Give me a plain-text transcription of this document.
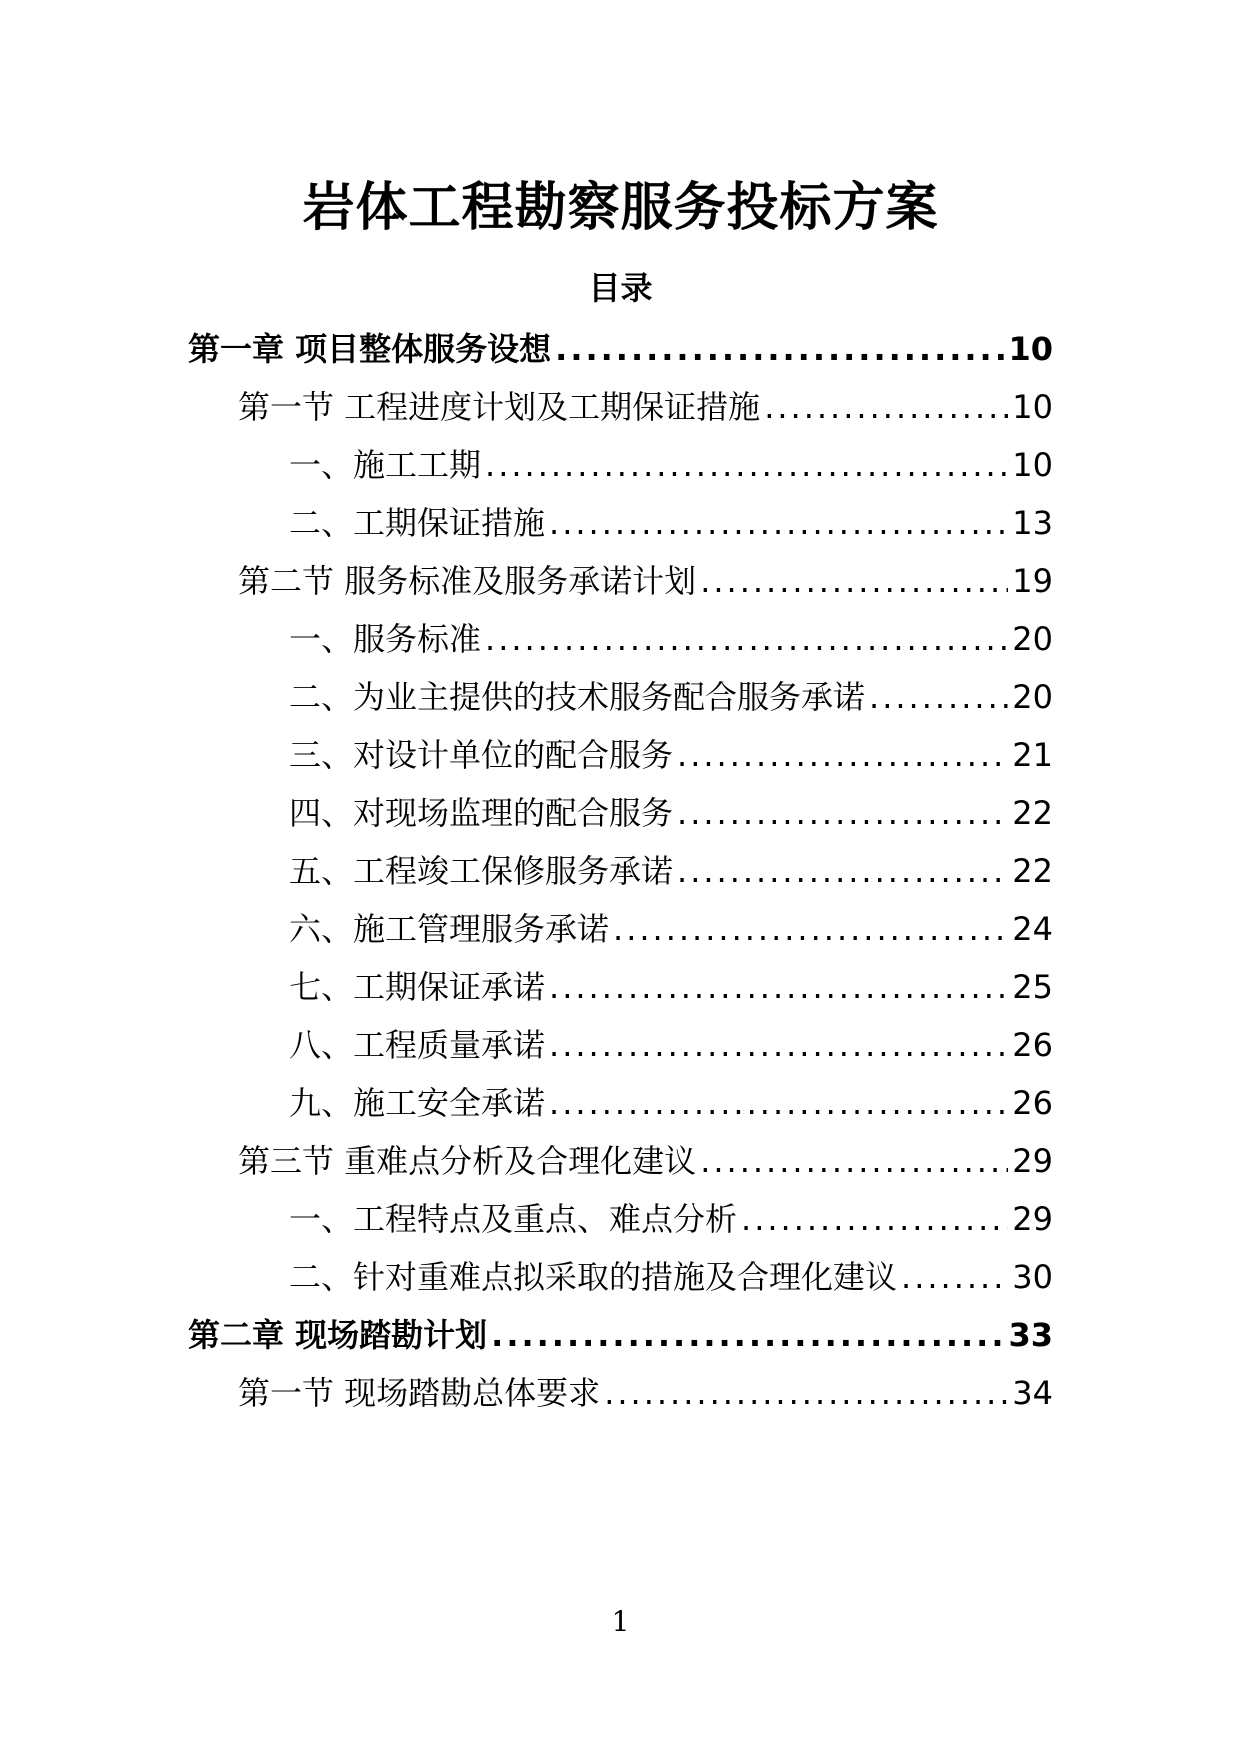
岩体工程勘察服务投标方案
目录
第一章 项目整体服务设想 .....	10
第一节 工程进度计划及工期保证措施 .....	10
一、施工工期 .....	10
二、工期保证措施 .....	13
第二节 服务标准及服务承诺计划 .....	19
一、服务标准 .....	20
二、为业主提供的技术服务配合服务承诺 .....	20
三、对设计单位的配合服务 .....	21
四、对现场监理的配合服务 .....	22
五、工程竣工保修服务承诺 .....	22
六、施工管理服务承诺 .....	24
七、工期保证承诺 .....	25
八、工程质量承诺 .....	26
九、施工安全承诺 .....	26
第三节 重难点分析及合理化建议 .....	29
一、工程特点及重点、难点分析 .....	29
二、针对重难点拟采取的措施及合理化建议 .....	30
第二章 现场踏勘计划 .....	33
第一节 现场踏勘总体要求 .....	34
1
